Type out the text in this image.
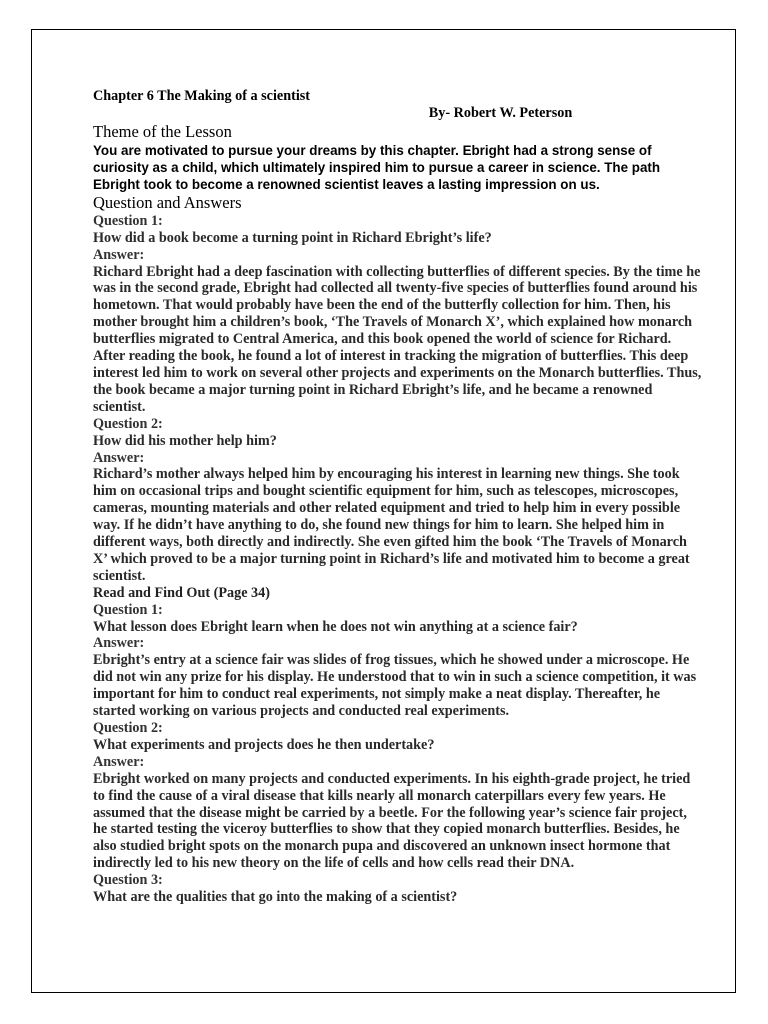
Chapter 6 The Making of a scientist

By- Robert W. Peterson

Theme of the Lesson

You are motivated to pursue your dreams by this chapter. Ebright had a strong sense of curiosity as a child, which ultimately inspired him to pursue a career in science. The path Ebright took to become a renowned scientist leaves a lasting impression on us.

Question and Answers

Question 1:

How did a book become a turning point in Richard Ebright’s life?

Answer:

Richard Ebright had a deep fascination with collecting butterflies of different species. By the time he was in the second grade, Ebright had collected all twenty-five species of butterflies found around his hometown. That would probably have been the end of the butterfly collection for him. Then, his mother brought him a children’s book, ‘The Travels of Monarch X’, which explained how monarch butterflies migrated to Central America, and this book opened the world of science for Richard. After reading the book, he found a lot of interest in tracking the migration of butterflies. This deep interest led him to work on several other projects and experiments on the Monarch butterflies. Thus, the book became a major turning point in Richard Ebright’s life, and he became a renowned scientist.

Question 2:

How did his mother help him?

Answer:

Richard’s mother always helped him by encouraging his interest in learning new things. She took him on occasional trips and bought scientific equipment for him, such as telescopes, microscopes, cameras, mounting materials and other related equipment and tried to help him in every possible way. If he didn’t have anything to do, she found new things for him to learn. She helped him in different ways, both directly and indirectly. She even gifted him the book ‘The Travels of Monarch X’ which proved to be a major turning point in Richard’s life and motivated him to become a great scientist.

Read and Find Out (Page 34)

Question 1:

What lesson does Ebright learn when he does not win anything at a science fair?

Answer:

Ebright’s entry at a science fair was slides of frog tissues, which he showed under a microscope. He did not win any prize for his display. He understood that to win in such a science competition, it was important for him to conduct real experiments, not simply make a neat display. Thereafter, he started working on various projects and conducted real experiments.

Question 2:

What experiments and projects does he then undertake?

Answer:

Ebright worked on many projects and conducted experiments. In his eighth-grade project, he tried to find the cause of a viral disease that kills nearly all monarch caterpillars every few years. He assumed that the disease might be carried by a beetle. For the following year’s science fair project, he started testing the viceroy butterflies to show that they copied monarch butterflies. Besides, he also studied bright spots on the monarch pupa and discovered an unknown insect hormone that indirectly led to his new theory on the life of cells and how cells read their DNA.

Question 3:

What are the qualities that go into the making of a scientist?
